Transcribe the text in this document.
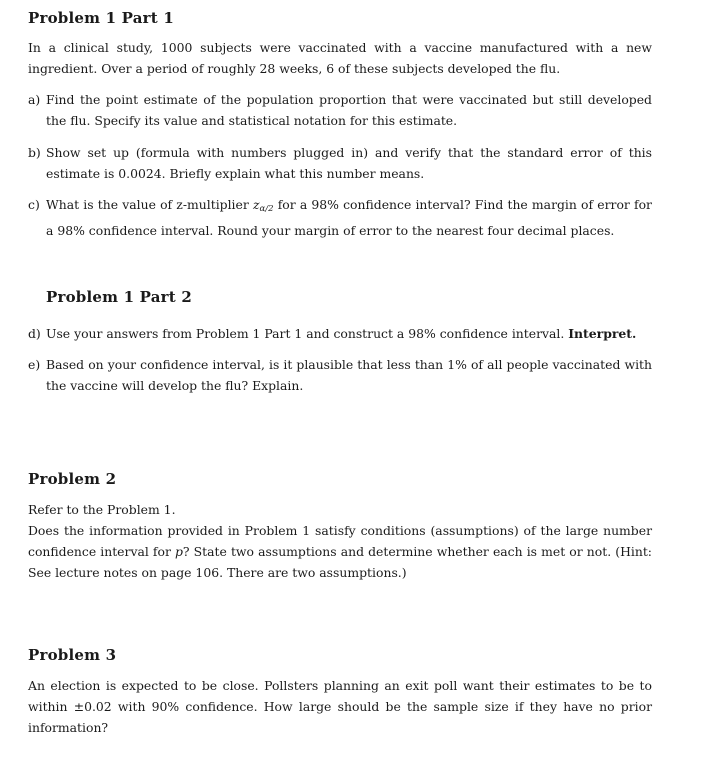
Problem 1 Part 1

In a clinical study, 1000 subjects were vaccinated with a vaccine manufactured with a new ingredient. Over a period of roughly 28 weeks, 6 of these subjects developed the flu.

a) Find the point estimate of the population proportion that were vaccinated but still developed the flu. Specify its value and statistical notation for this estimate.
b) Show set up (formula with numbers plugged in) and verify that the standard error of this estimate is 0.0024. Briefly explain what this number means.
c) What is the value of z-multiplier $z_{\alpha/2}$ for a 98% confidence interval? Find the margin of error for a 98% confidence interval. Round your margin of error to the nearest four decimal places.
Problem 1 Part 2
d) Use your answers from Problem 1 Part 1 and construct a 98% confidence interval. Interpret.
e) Based on your confidence interval, is it plausible that less than 1% of all people vaccinated with the vaccine will develop the flu? Explain.
Problem 2

Refer to the Problem 1.

Does the information provided in Problem 1 satisfy conditions (assumptions) of the large number confidence interval for p? State two assumptions and determine whether each is met or not. (Hint: See lecture notes on page 106. There are two assumptions.)

Problem 3

An election is expected to be close. Pollsters planning an exit poll want their estimates to be to within ±0.02 with 90% confidence. How large should be the sample size if they have no prior information?
